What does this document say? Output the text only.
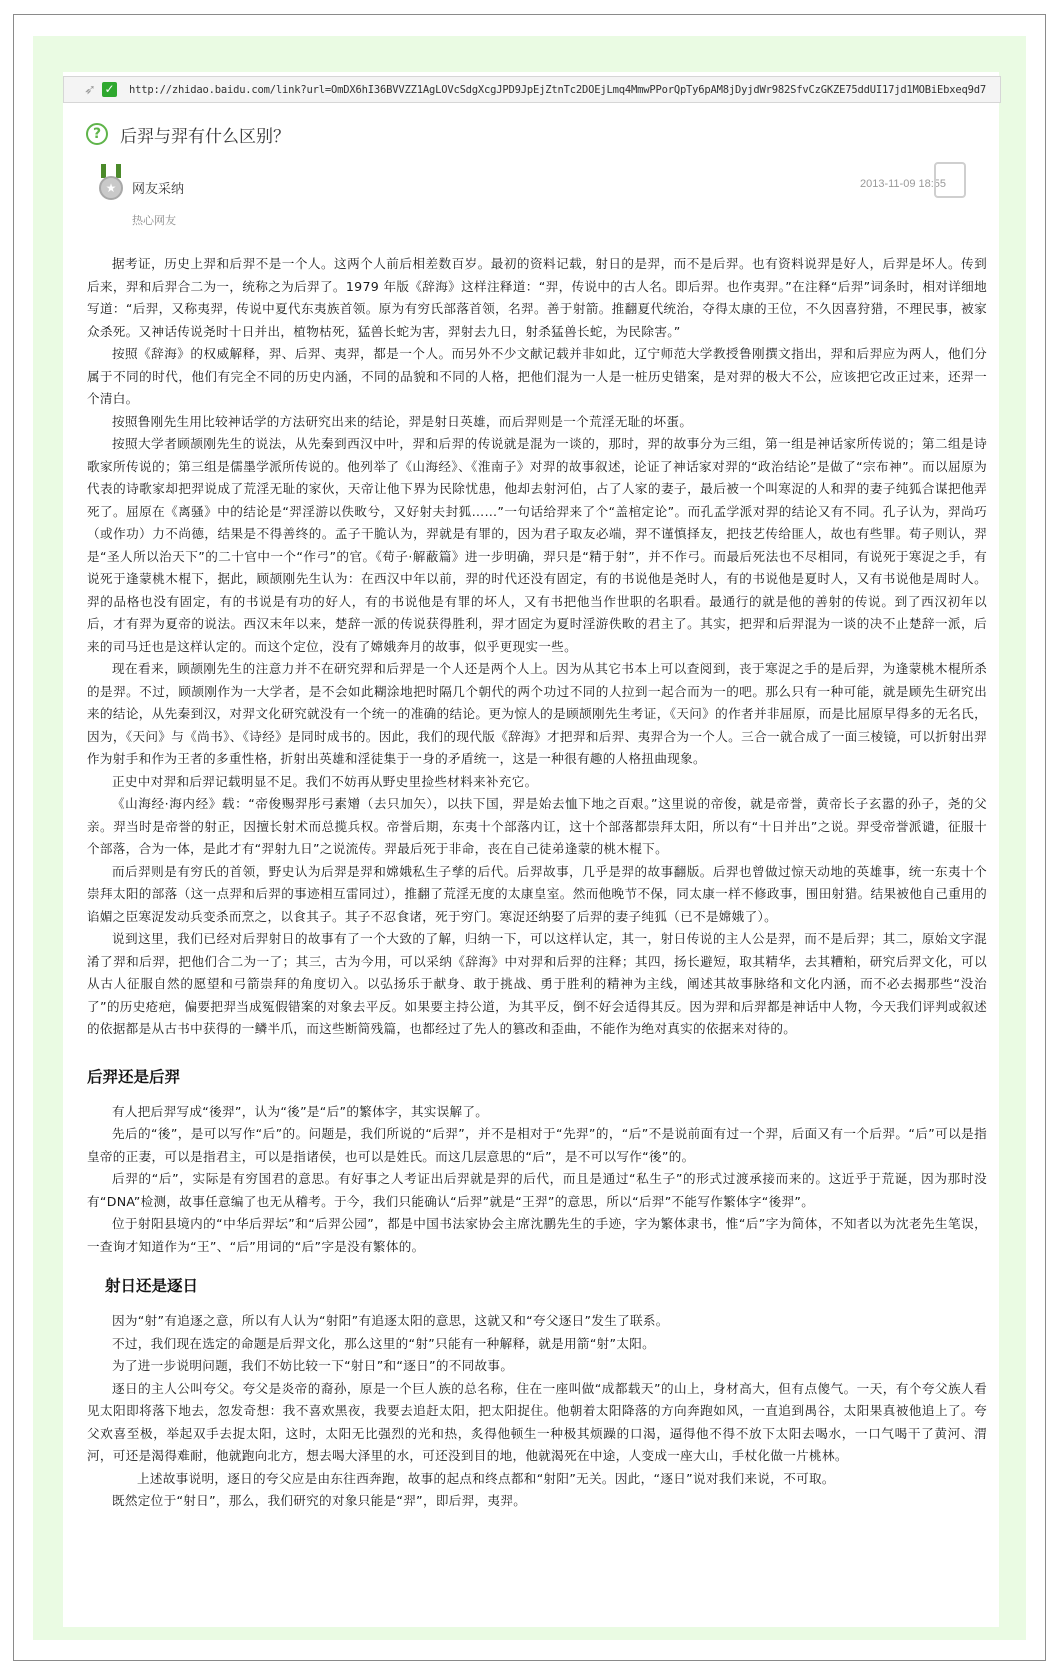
➶ ✓ http://zhidao.baidu.com/link?url=OmDX6hI36BVVZZ1AgLOVcSdgXcgJPD9JpEjZtnTc2DOEjLmq4MmwPPorQpTy6pAM8jDyjdWr982SfvCzGKZE75ddUI17jd1MOBiEbxeq9d7
?	后羿与羿有什么区别？
★	网友采纳
热心网友
2013-11-09 18:55

据考证，历史上羿和后羿不是一个人。这两个人前后相差数百岁。最初的资料记载，射日的是羿，而不是后羿。也有资料说羿是好人，后羿是坏人。传到后来，羿和后羿合二为一，统称之为后羿了。1979 年版《辞海》这样注释道：“羿，传说中的古人名。即后羿。也作夷羿。”在注释“后羿”词条时，相对详细地写道：“后羿，又称夷羿，传说中夏代东夷族首领。原为有穷氏部落首领，名羿。善于射箭。推翻夏代统治，夺得太康的王位，不久因喜狩猎，不理民事，被家众杀死。又神话传说尧时十日并出，植物枯死，猛兽长蛇为害，羿射去九日，射杀猛兽长蛇，为民除害。”

按照《辞海》的权威解释，羿、后羿、夷羿，都是一个人。而另外不少文献记载并非如此，辽宁师范大学教授鲁刚撰文指出，羿和后羿应为两人，他们分属于不同的时代，他们有完全不同的历史内涵，不同的品貌和不同的人格，把他们混为一人是一桩历史错案，是对羿的极大不公，应该把它改正过来，还羿一个清白。

按照鲁刚先生用比较神话学的方法研究出来的结论，羿是射日英雄，而后羿则是一个荒淫无耻的坏蛋。

按照大学者顾颉刚先生的说法，从先秦到西汉中叶，羿和后羿的传说就是混为一谈的，那时，羿的故事分为三组，第一组是神话家所传说的；第二组是诗歌家所传说的；第三组是儒墨学派所传说的。他列举了《山海经》、《淮南子》对羿的故事叙述，论证了神话家对羿的“政治结论”是做了“宗布神”。而以屈原为代表的诗歌家却把羿说成了荒淫无耻的家伙，天帝让他下界为民除忧患，他却去射河伯，占了人家的妻子，最后被一个叫寒浞的人和羿的妻子纯狐合谋把他弄死了。屈原在《离骚》中的结论是“羿淫游以佚畋兮，又好射夫封狐……”一句话给羿来了个“盖棺定论”。而孔孟学派对羿的结论又有不同。孔子认为，羿尚巧（或作功）力不尚德，结果是不得善终的。孟子干脆认为，羿就是有罪的，因为君子取友必端，羿不谨慎择友，把技艺传给匪人，故也有些罪。荀子则认，羿是“圣人所以治天下”的二十官中一个“作弓”的官。《荀子·解蔽篇》进一步明确，羿只是“精于射”，并不作弓。而最后死法也不尽相同，有说死于寒浞之手，有说死于逢蒙桃木棍下，据此，顾颉刚先生认为：在西汉中年以前，羿的时代还没有固定，有的书说他是尧时人，有的书说他是夏时人，又有书说他是周时人。羿的品格也没有固定，有的书说是有功的好人，有的书说他是有罪的坏人，又有书把他当作世职的名职看。最通行的就是他的善射的传说。到了西汉初年以后，才有羿为夏帝的说法。西汉末年以来，楚辞一派的传说获得胜利，羿才固定为夏时淫游佚畋的君主了。其实，把羿和后羿混为一谈的决不止楚辞一派，后来的司马迁也是这样认定的。而这个定位，没有了嫦娥奔月的故事，似乎更现实一些。

现在看来，顾颉刚先生的注意力并不在研究羿和后羿是一个人还是两个人上。因为从其它书本上可以查阅到，丧于寒浞之手的是后羿，为逢蒙桃木棍所杀的是羿。不过，顾颉刚作为一大学者，是不会如此糊涂地把时隔几个朝代的两个功过不同的人拉到一起合而为一的吧。那么只有一种可能，就是顾先生研究出来的结论，从先秦到汉，对羿文化研究就没有一个统一的准确的结论。更为惊人的是顾颉刚先生考证，《天问》的作者并非屈原，而是比屈原早得多的无名氏，因为，《天问》与《尚书》、《诗经》是同时成书的。因此，我们的现代版《辞海》才把羿和后羿、夷羿合为一个人。三合一就合成了一面三棱镜，可以折射出羿作为射手和作为王者的多重性格，折射出英雄和淫徒集于一身的矛盾统一，这是一种很有趣的人格扭曲现象。

正史中对羿和后羿记载明显不足。我们不妨再从野史里捡些材料来补充它。

《山海经·海内经》载：“帝俊赐羿彤弓素矰（去只加矢），以扶下国，羿是始去恤下地之百艰。”这里说的帝俊，就是帝誉，黄帝长子玄嚣的孙子，尧的父亲。羿当时是帝誉的射正，因擅长射术而总揽兵权。帝誉后期，东夷十个部落内讧，这十个部落都崇拜太阳，所以有“十日并出”之说。羿受帝誉派谴，征服十个部落，合为一体，是此才有“羿射九日”之说流传。羿最后死于非命，丧在自己徒弟逢蒙的桃木棍下。

而后羿则是有穷氏的首领，野史认为后羿是羿和嫦娥私生子孳的后代。后羿故事，几乎是羿的故事翻版。后羿也曾做过惊天动地的英雄事，统一东夷十个崇拜太阳的部落（这一点羿和后羿的事迹相互雷同过），推翻了荒淫无度的太康皇室。然而他晚节不保，同太康一样不修政事，围田射猎。结果被他自己重用的谄媚之臣寒浞发动兵变杀而烹之，以食其子。其子不忍食诸，死于穷门。寒浞还纳娶了后羿的妻子纯狐（已不是嫦娥了）。

说到这里，我们已经对后羿射日的故事有了一个大致的了解，归纳一下，可以这样认定，其一，射日传说的主人公是羿，而不是后羿；其二，原始文字混淆了羿和后羿，把他们合二为一了；其三，古为今用，可以采纳《辞海》中对羿和后羿的注释；其四，扬长避短，取其精华，去其糟粕，研究后羿文化，可以从古人征服自然的愿望和弓箭崇拜的角度切入。以弘扬乐于献身、敢于挑战、勇于胜利的精神为主线，阐述其故事脉络和文化内涵，而不必去揭那些“没治了”的历史疮疤，偏要把羿当成冤假错案的对象去平反。如果要主持公道，为其平反，倒不好会适得其反。因为羿和后羿都是神话中人物，今天我们评判或叙述的依据都是从古书中获得的一鳞半爪，而这些断简残篇，也都经过了先人的篡改和歪曲，不能作为绝对真实的依据来对待的。

后羿还是后羿

有人把后羿写成“後羿”，认为“後”是“后”的繁体字，其实误解了。

先后的“後”，是可以写作“后”的。问题是，我们所说的“后羿”，并不是相对于“先羿”的，“后”不是说前面有过一个羿，后面又有一个后羿。“后”可以是指皇帝的正妻，可以是指君主，可以是指诸侯，也可以是姓氏。而这几层意思的“后”，是不可以写作“後”的。

后羿的“后”，实际是有穷国君的意思。有好事之人考证出后羿就是羿的后代，而且是通过“私生子”的形式过渡承接而来的。这近乎于荒诞，因为那时没有“DNA”检测，故事任意编了也无从稽考。于今，我们只能确认“后羿”就是“王羿”的意思，所以“后羿”不能写作繁体字“後羿”。

位于射阳县境内的“中华后羿坛”和“后羿公园”，都是中国书法家协会主席沈鹏先生的手迹，字为繁体隶书，惟“后”字为简体，不知者以为沈老先生笔误，一查询才知道作为“王”、“后”用词的“后”字是没有繁体的。

射日还是逐日

因为“射”有追逐之意，所以有人认为“射阳”有追逐太阳的意思，这就又和“夸父逐日”发生了联系。

不过，我们现在选定的命题是后羿文化，那么这里的“射”只能有一种解释，就是用箭“射”太阳。

为了进一步说明问题，我们不妨比较一下“射日”和“逐日”的不同故事。

逐日的主人公叫夸父。夸父是炎帝的裔孙，原是一个巨人族的总名称，住在一座叫做“成都载天”的山上，身材高大，但有点傻气。一天，有个夸父族人看见太阳即将落下地去，忽发奇想：我不喜欢黑夜，我要去追赶太阳，把太阳捉住。他朝着太阳降落的方向奔跑如风，一直追到禺谷，太阳果真被他追上了。夸父欢喜至极，举起双手去捉太阳，这时，太阳无比强烈的光和热，炙得他顿生一种极其烦躁的口渴，逼得他不得不放下太阳去喝水，一口气喝干了黄河、渭河，可还是渴得难耐，他就跑向北方，想去喝大泽里的水，可还没到目的地，他就渴死在中途，人变成一座大山，手杖化做一片桃林。

上述故事说明，逐日的夸父应是由东往西奔跑，故事的起点和终点都和“射阳”无关。因此，“逐日”说对我们来说，不可取。

既然定位于“射日”，那么，我们研究的对象只能是“羿”，即后羿，夷羿。
